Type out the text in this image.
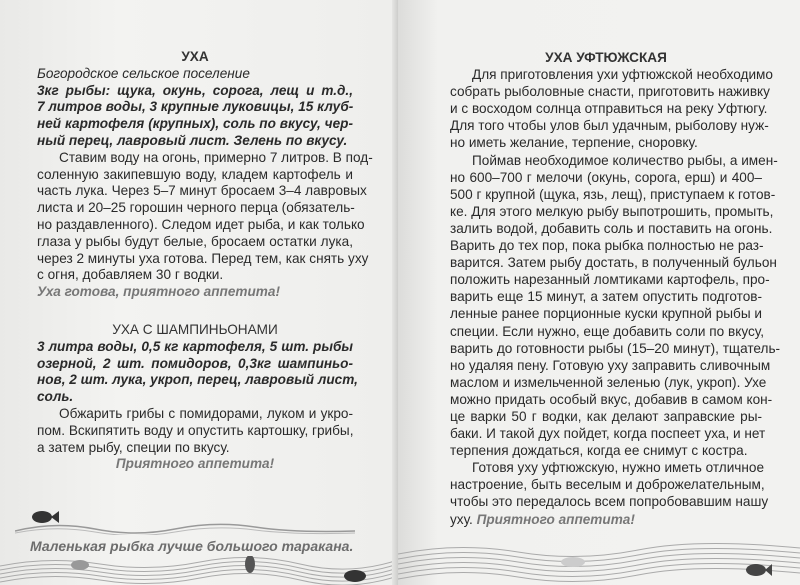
УХА
Богородское сельское поселение
3кг рыбы: щука, окунь, сорога, лещ и т.д.,
7 литров воды, 3 крупные луковицы, 15 клуб-
ней картофеля (крупных), соль по вкусу, чер-
ный перец, лавровый лист. Зелень по вкусу.
Ставим воду на огонь, примерно 7 литров. В под-
соленную закипевшую воду, кладем картофель и
часть лука. Через 5–7 минут бросаем 3–4 лавровых
листа и 20–25 горошин черного перца (обязатель-
но раздавленного). Следом идет рыба, и как только
глаза у рыбы будут белые, бросаем остатки лука,
через 2 минуты уха готова. Перед тем, как снять уху
с огня, добавляем 30 г водки.
Уха готова, приятного аппетита!
УХА С ШАМПИНЬОНАМИ
3 литра воды, 0,5 кг картофеля, 5 шт. рыбы
озерной, 2 шт. помидоров, 0,3кг шампиньо-
нов, 2 шт. лука, укроп, перец, лавровый лист,
соль.
Обжарить грибы с помидорами, луком и укро-
пом. Вскипятить воду и опустить картошку, грибы,
а затем рыбу, специи по вкусу.
Приятного аппетита!
Маленькая рыбка лучше большого таракана.
УХА УФТЮЖСКАЯ
Для приготовления ухи уфтюжской необходимо
собрать рыболовные снасти, приготовить наживку
и с восходом солнца отправиться на реку Уфтюгу.
Для того чтобы улов был удачным, рыболову нуж-
но иметь желание, терпение, сноровку.
Поймав необходимое количество рыбы, а имен-
но 600–700 г мелочи (окунь, сорога, ерш) и 400–
500 г крупной (щука, язь, лещ), приступаем к готов-
ке. Для этого мелкую рыбу выпотрошить, промыть,
залить водой, добавить соль и поставить на огонь.
Варить до тех пор, пока рыбка полностью не раз-
варится. Затем рыбу достать, в полученный бульон
положить нарезанный ломтиками картофель, про-
варить еще 15 минут, а затем опустить подготов-
ленные ранее порционные куски крупной рыбы и
специи. Если нужно, еще добавить соли по вкусу,
варить до готовности рыбы (15–20 минут), тщатель-
но удаляя пену. Готовую уху заправить сливочным
маслом и измельченной зеленью (лук, укроп). Ухе
можно придать особый вкус, добавив в самом кон-
це варки 50 г водки, как делают заправские ры-
баки. И такой дух пойдет, когда поспеет уха, и нет
терпения дождаться, когда ее снимут с костра.
Готовя уху уфтюжскую, нужно иметь отличное
настроение, быть веселым и доброжелательным,
чтобы это передалось всем попробовавшим нашу
уху. Приятного аппетита!
